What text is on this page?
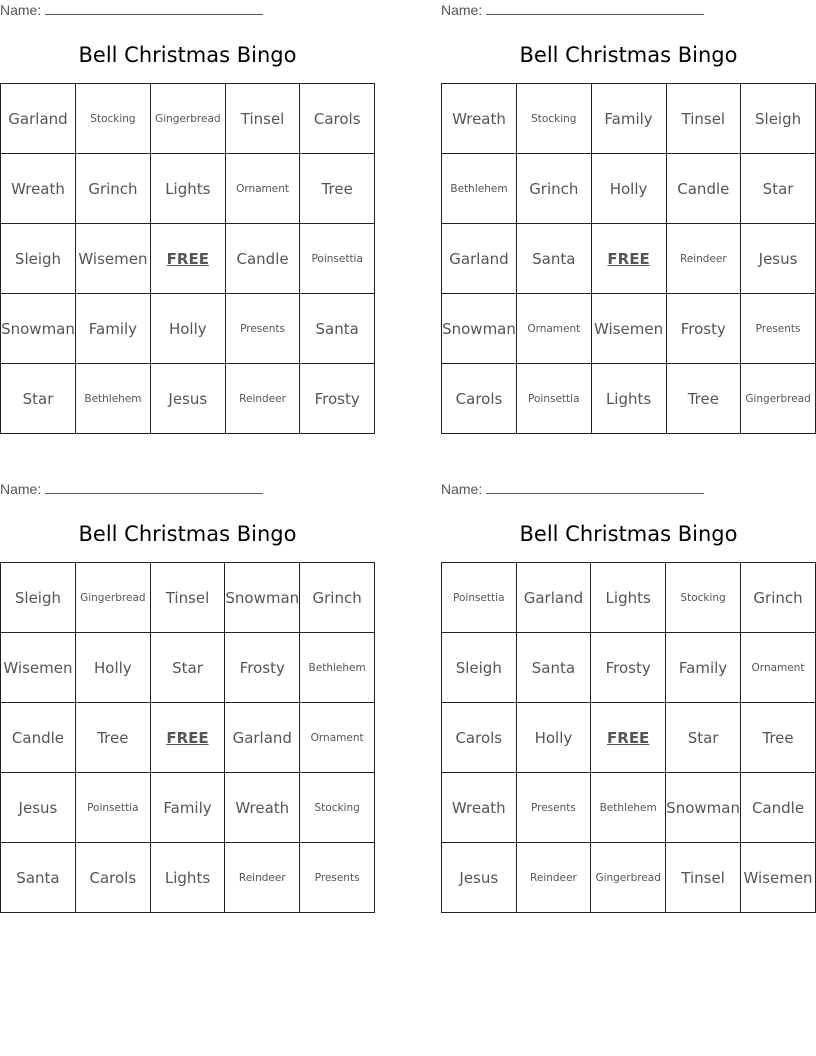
Name:
Bell Christmas Bingo
Garland	Stocking	Gingerbread	Tinsel	Carols
Wreath	Grinch	Lights	Ornament	Tree
Sleigh	Wisemen	FREE	Candle	Poinsettia
Snowman	Family	Holly	Presents	Santa
Star	Bethlehem	Jesus	Reindeer	Frosty
Name:
Bell Christmas Bingo
Wreath	Stocking	Family	Tinsel	Sleigh
Bethlehem	Grinch	Holly	Candle	Star
Garland	Santa	FREE	Reindeer	Jesus
Snowman	Ornament	Wisemen	Frosty	Presents
Carols	Poinsettia	Lights	Tree	Gingerbread
Name:
Bell Christmas Bingo
Sleigh	Gingerbread	Tinsel	Snowman	Grinch
Wisemen	Holly	Star	Frosty	Bethlehem
Candle	Tree	FREE	Garland	Ornament
Jesus	Poinsettia	Family	Wreath	Stocking
Santa	Carols	Lights	Reindeer	Presents
Name:
Bell Christmas Bingo
Poinsettia	Garland	Lights	Stocking	Grinch
Sleigh	Santa	Frosty	Family	Ornament
Carols	Holly	FREE	Star	Tree
Wreath	Presents	Bethlehem	Snowman	Candle
Jesus	Reindeer	Gingerbread	Tinsel	Wisemen
